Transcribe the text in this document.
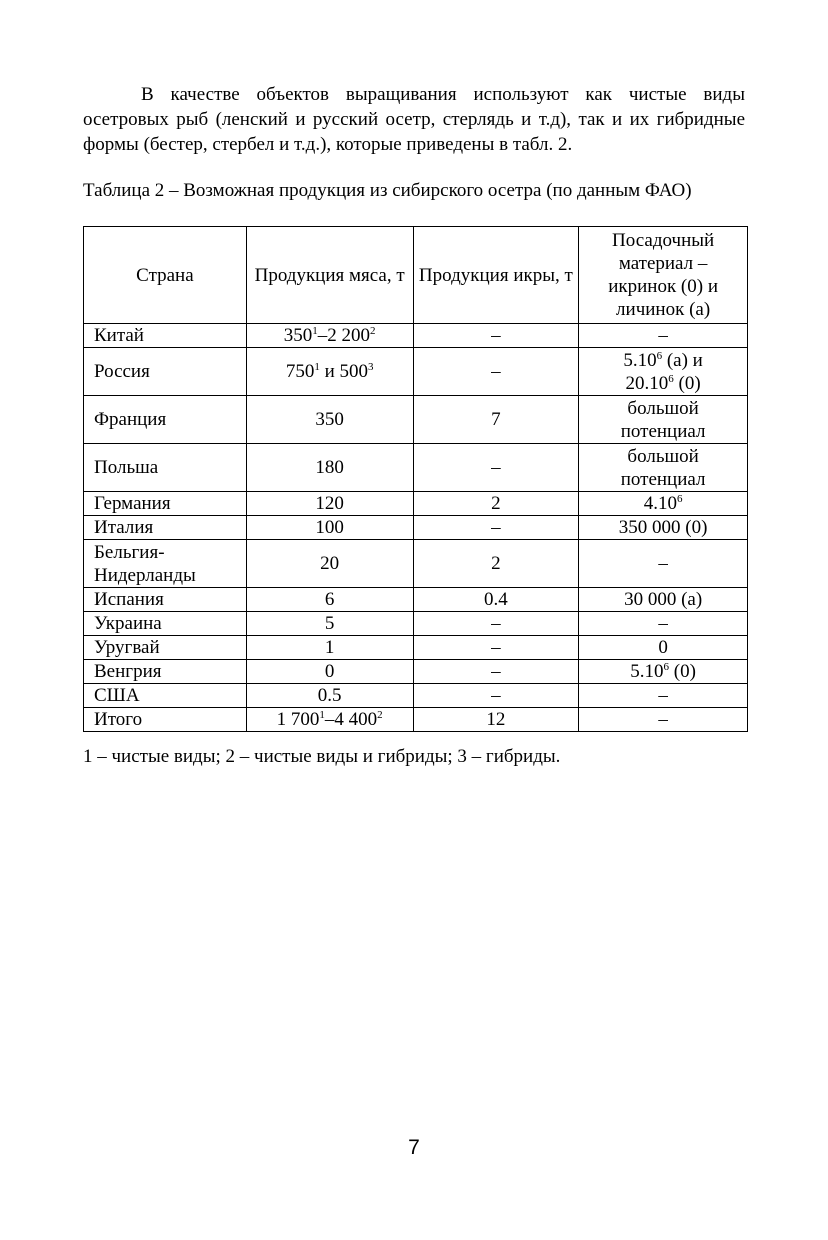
В качестве объектов выращивания используют как чистые виды осетровых рыб (ленский и русский осетр, стерлядь и т.д), так и их гибридные формы (бестер, стербел и т.д.), которые приведены в табл. 2.

Таблица 2 – Возможная продукция из сибирского осетра (по данным ФАО)

Страна	Продукция мяса, т	Продукция икры, т	Посадочный материал – икринок (0) и личинок (а)
Китай	$350^1-2$ $200^2$	–	–
Россия	$750^1$ и $500^3$	–	5.10$^6$ (а) и
20.10$^6$ (0)
Франция	350	7	большой потенциал
Польша	180	–	большой потенциал
Германия	120	2	4.10$^6$
Италия	100	–	350 000 (0)
Бельгия-Нидерланды	20	2	–
Испания	6	0.4	30 000 (а)
Украина	5	–	–
Уругвай	1	–	0
Венгрия	0	–	5.10$^6$ (0)
США	0.5	–	–
Итого	1 $700^1-4$ $400^2$	12	–

1 – чистые виды; 2 – чистые виды и гибриды; 3 – гибриды.

7
